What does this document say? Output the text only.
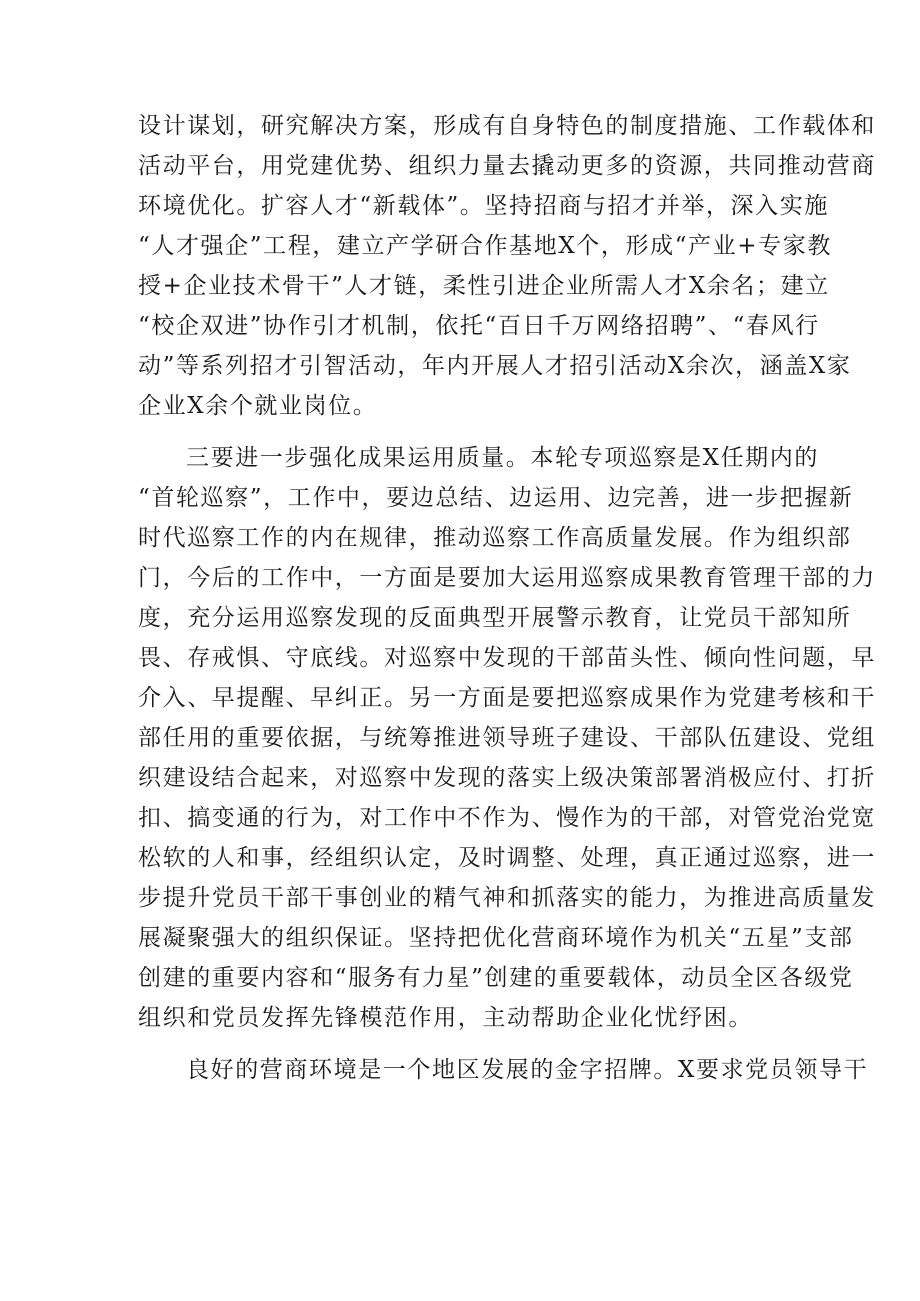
设计谋划，研究解决方案，形成有自身特色的制度措施、工作载体和
活动平台，用党建优势、组织力量去撬动更多的资源，共同推动营商
环境优化。扩容人才“新载体”。坚持招商与招才并举，深入实施
“人才强企”工程，建立产学研合作基地X个，形成“产业+专家教
授+企业技术骨干”人才链，柔性引进企业所需人才X余名；建立
“校企双进”协作引才机制，依托“百日千万网络招聘”、“春风行
动”等系列招才引智活动，年内开展人才招引活动X余次，涵盖X家
企业X余个就业岗位。
三要进一步强化成果运用质量。本轮专项巡察是X任期内的
“首轮巡察”，工作中，要边总结、边运用、边完善，进一步把握新
时代巡察工作的内在规律，推动巡察工作高质量发展。作为组织部
门，今后的工作中，一方面是要加大运用巡察成果教育管理干部的力
度，充分运用巡察发现的反面典型开展警示教育，让党员干部知所
畏、存戒惧、守底线。对巡察中发现的干部苗头性、倾向性问题，早
介入、早提醒、早纠正。另一方面是要把巡察成果作为党建考核和干
部任用的重要依据，与统筹推进领导班子建设、干部队伍建设、党组
织建设结合起来，对巡察中发现的落实上级决策部署消极应付、打折
扣、搞变通的行为，对工作中不作为、慢作为的干部，对管党治党宽
松软的人和事，经组织认定，及时调整、处理，真正通过巡察，进一
步提升党员干部干事创业的精气神和抓落实的能力，为推进高质量发
展凝聚强大的组织保证。坚持把优化营商环境作为机关“五星”支部
创建的重要内容和“服务有力星”创建的重要载体，动员全区各级党
组织和党员发挥先锋模范作用，主动帮助企业化忧纾困。
良好的营商环境是一个地区发展的金字招牌。X要求党员领导干
